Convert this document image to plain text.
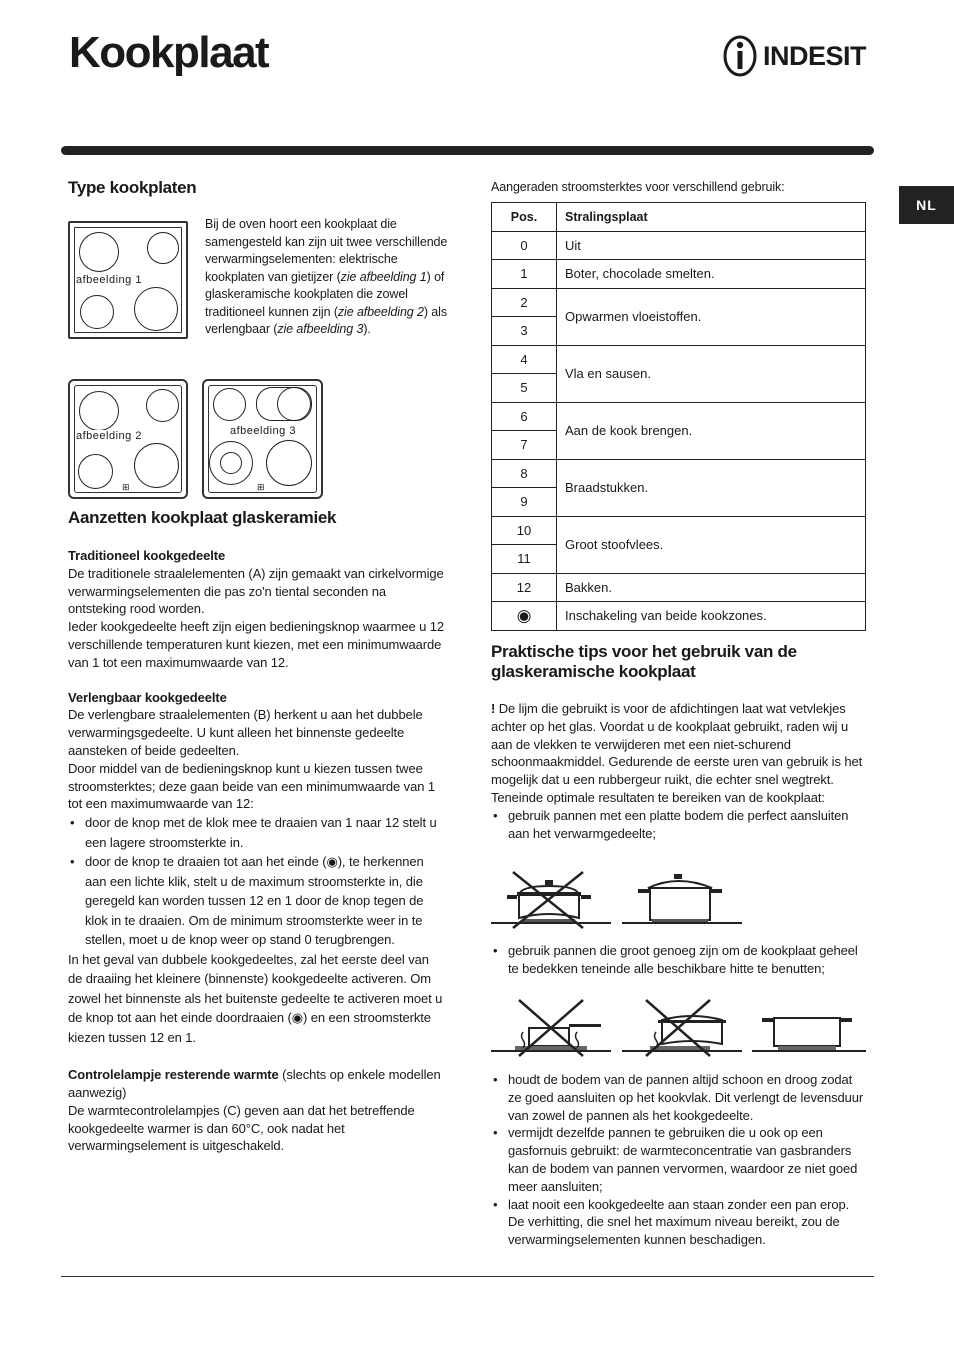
Kookplaat	INDESIT
NL
Type kookplaten
afbeelding 1
Bij de oven hoort een kookplaat die samengesteld kan zijn uit twee verschillende verwarmingselementen: elektrische kookplaten van gietijzer (zie afbeelding 1) of glaskeramische kookplaten die zowel traditioneel kunnen zijn (zie afbeelding 2) als verlengbaar (zie afbeelding 3).
afbeelding 2
⊞
afbeelding 3
⊞
Aanzetten kookplaat glaskeramiek
Traditioneel kookgedeelte
De traditionele straalelementen (A) zijn gemaakt van cirkelvormige verwarmingselementen die pas zo'n tiental seconden na ontsteking rood worden.
Ieder kookgedeelte heeft zijn eigen bedieningsknop waarmee u 12 verschillende temperaturen kunt kiezen, met een minimumwaarde van 1 tot een maximumwaarde van 12.
Verlengbaar kookgedeelte
De verlengbare straalelementen (B) herkent u aan het dubbele verwarmingsgedeelte. U kunt alleen het binnenste gedeelte aansteken of beide gedeelten.
Door middel van de bedieningsknop kunt u kiezen tussen twee stroomsterktes; deze gaan beide van een minimumwaarde van 1 tot een maximumwaarde van 12:
• door de knop met de klok mee te draaien van 1 naar 12 stelt u een lagere stroomsterkte in.
• door de knop te draaien tot aan het einde (◉), te herkennen aan een lichte klik, stelt u de maximum stroomsterkte in, die geregeld kan worden tussen 12 en 1 door de knop tegen de klok in te draaien. Om de minimum stroomsterkte weer in te stellen, moet u de knop weer op stand 0 terugbrengen.
In het geval van dubbele kookgedeeltes, zal het eerste deel van de draaiing het kleinere (binnenste) kookgedeelte activeren. Om zowel het binnenste als het buitenste gedeelte te activeren moet u de knop tot aan het einde doordraaien (◉) en een stroomsterkte kiezen tussen 12 en 1.
Controlelampje resterende warmte (slechts op enkele modellen aanwezig)
De warmtecontrolelampjes (C) geven aan dat het betreffende kookgedeelte warmer is dan 60°C, ook nadat het verwarmingselement is uitgeschakeld.
Aangeraden stroomsterktes voor verschillend gebruik:
Pos.	Stralingsplaat
0	Uit
1	Boter, chocolade smelten.
2	Opwarmen vloeistoffen.
3	
4	Vla en sausen.
5	
6	Aan de kook brengen.
7	
8	Braadstukken.
9	
10	Groot stoofvlees.
11	
12	Bakken.
◉	Inschakeling van beide kookzones.
Praktische tips voor het gebruik van de
glaskeramische kookplaat
! De lijm die gebruikt is voor de afdichtingen laat wat vetvlekjes achter op het glas. Voordat u de kookplaat gebruikt, raden wij u aan de vlekken te verwijderen met een niet-schurend schoonmaakmiddel. Gedurende de eerste uren van gebruik is het mogelijk dat u een rubbergeur ruikt, die echter snel wegtrekt.
Teneinde optimale resultaten te bereiken van de kookplaat:
• gebruik pannen met een platte bodem die perfect aansluiten aan het verwarmgedeelte;
• gebruik pannen die groot genoeg zijn om de kookplaat geheel te bedekken teneinde alle beschikbare hitte te benutten;
• houdt de bodem van de pannen altijd schoon en droog zodat ze goed aansluiten op het kookvlak. Dit verlengt de levensduur van zowel de pannen als het kookgedeelte.
• vermijdt dezelfde pannen te gebruiken die u ook op een gasfornuis gebruikt: de warmteconcentratie van gasbranders kan de bodem van pannen vervormen, waardoor ze niet goed meer aansluiten;
• laat nooit een kookgedeelte aan staan zonder een pan erop. De verhitting, die snel het maximum niveau bereikt, zou de verwarmingselementen kunnen beschadigen.
